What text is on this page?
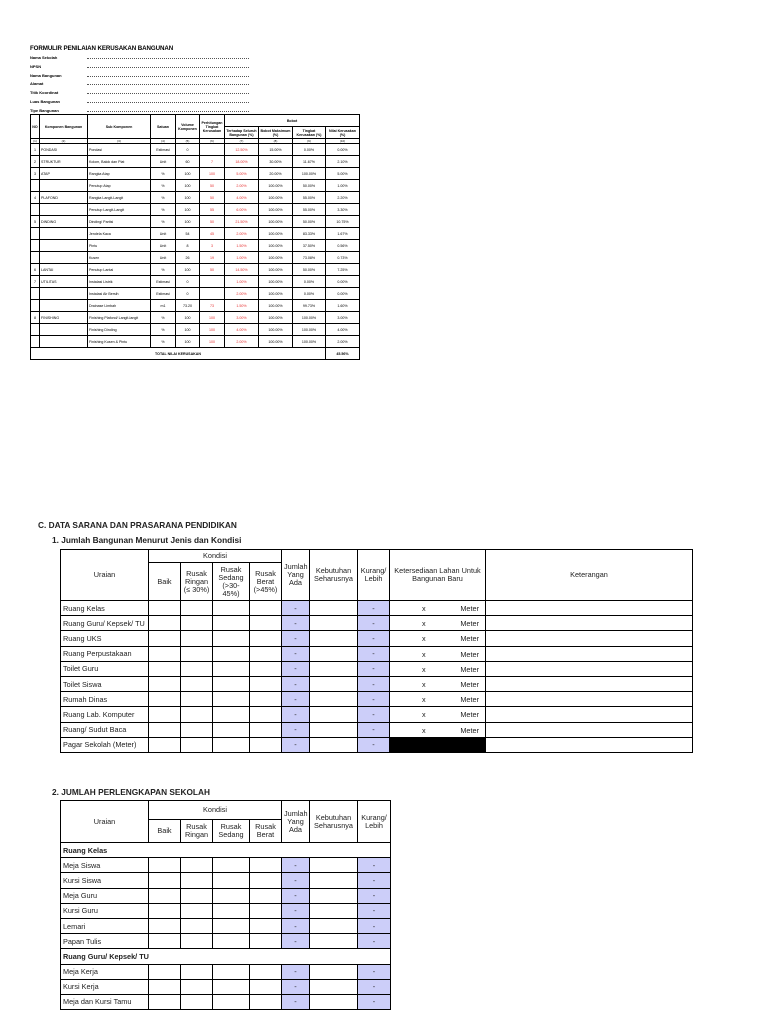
FORMULIR PENILAIAN KERUSAKAN BANGUNAN
Nama Sekolah
NPSN
Nama Bangunan
Alamat
Titik Koordinat
Luas Bangunan
Tipe Bangunan
NO	Komponen Bangunan	Sub Komponen	Satuan	Volume Komponen	Perhitungan Tingkat Kerusakan	Bobot			
						Terhadap Seluruh Bangunan (%)	Bobot Maksimum (%)	Tingkat Kerusakan (%)	Nilai Kerusakan (%)
(1)	(2)	(3)	(4)	(5)	(6)	(7)	(8)	(9)	(10)
1	PONDASI	Pondasi	Estimasi	0		12.50%	15.00%	0.00%	0.00%
2	STRUKTUR	Kolom, Balok dan Plat	Unit	60	7	18.00%	30.00%	11.67%	2.10%
3	ATAP	Rangka Atap	%	100	100	5.00%	20.00%	100.00%	5.00%
		Penutup Atap	%	100	50	2.00%	100.00%	50.00%	1.00%
4	PLAFOND	Rangka Langit-Langit	%	100	50	4.00%	100.00%	55.00%	2.20%
		Penutup Langit-Langit	%	100	55	6.00%	100.00%	55.00%	3.30%
5	DINDING	Dinding/ Partisi	%	100	50	21.50%	100.00%	50.00%	10.75%
		Jendela Kaca	Unit	54	45	2.00%	100.00%	83.33%	1.67%
		Pintu	Unit	8	3	1.50%	100.00%	37.50%	0.56%
		Kusen	Unit	26	19	1.00%	100.00%	73.08%	0.73%
6	LANTAI	Penutup Lantai	%	100	50	14.50%	100.00%	50.00%	7.25%
7	UTILITAS	Instalasi Listrik	Estimasi	0		1.00%	100.00%	0.00%	0.00%
		Instalasi Air Bersih	Estimasi	0		2.00%	100.00%	0.00%	0.00%
		Drainase Limbah	m1	73.20	73	1.50%	100.00%	99.73%	1.60%
8	FINISHING	Finishing Plafond/ Langit-langit	%	100	100	3.00%	100.00%	100.00%	3.00%
		Finishing Dinding	%	100	100	4.00%	100.00%	100.00%	4.00%
		Finishing Kusen & Pintu	%	100	100	2.00%	100.00%	100.00%	2.00%
TOTAL NILAI KERUSAKAN									45.56%
C. DATA SARANA DAN PRASARANA PENDIDIKAN
1. Jumlah Bangunan Menurut Jenis dan Kondisi
Uraian	Kondisi				Jumlah Yang Ada	Kebutuhan Seharusnya	Kurang/ Lebih	Ketersediaan Lahan Untuk Bangunan Baru	Keterangan
	Baik	Rusak Ringan (≤ 30%)	Rusak Sedang (>30-45%)	Rusak Berat (>45%)					
Ruang Kelas					-		-	x Meter	

Ruang Guru/ Kepsek/ TU					-		-	x Meter	

Ruang UKS					-		-	x Meter	

Ruang Perpustakaan					-		-	x Meter	

Toilet Guru					-		-	x Meter	

Toilet Siswa					-		-	x Meter	

Rumah Dinas					-		-	x Meter	

Ruang Lab. Komputer					-		-	x Meter	

Ruang/ Sudut Baca					-		-	x Meter	

Pagar Sekolah (Meter)					-		-		
2. JUMLAH PERLENGKAPAN SEKOLAH
Uraian	Kondisi				Jumlah Yang Ada	Kebutuhan Seharusnya	Kurang/ Lebih
	Baik	Rusak Ringan	Rusak Sedang	Rusak Berat			
Ruang Kelas							
Meja Siswa					-		-
Kursi Siswa					-		-
Meja Guru					-		-
Kursi Guru					-		-
Lemari					-		-
Papan Tulis					-		-
Ruang Guru/ Kepsek/ TU							
Meja Kerja					-		-
Kursi Kerja					-		-
Meja dan Kursi Tamu					-		-
